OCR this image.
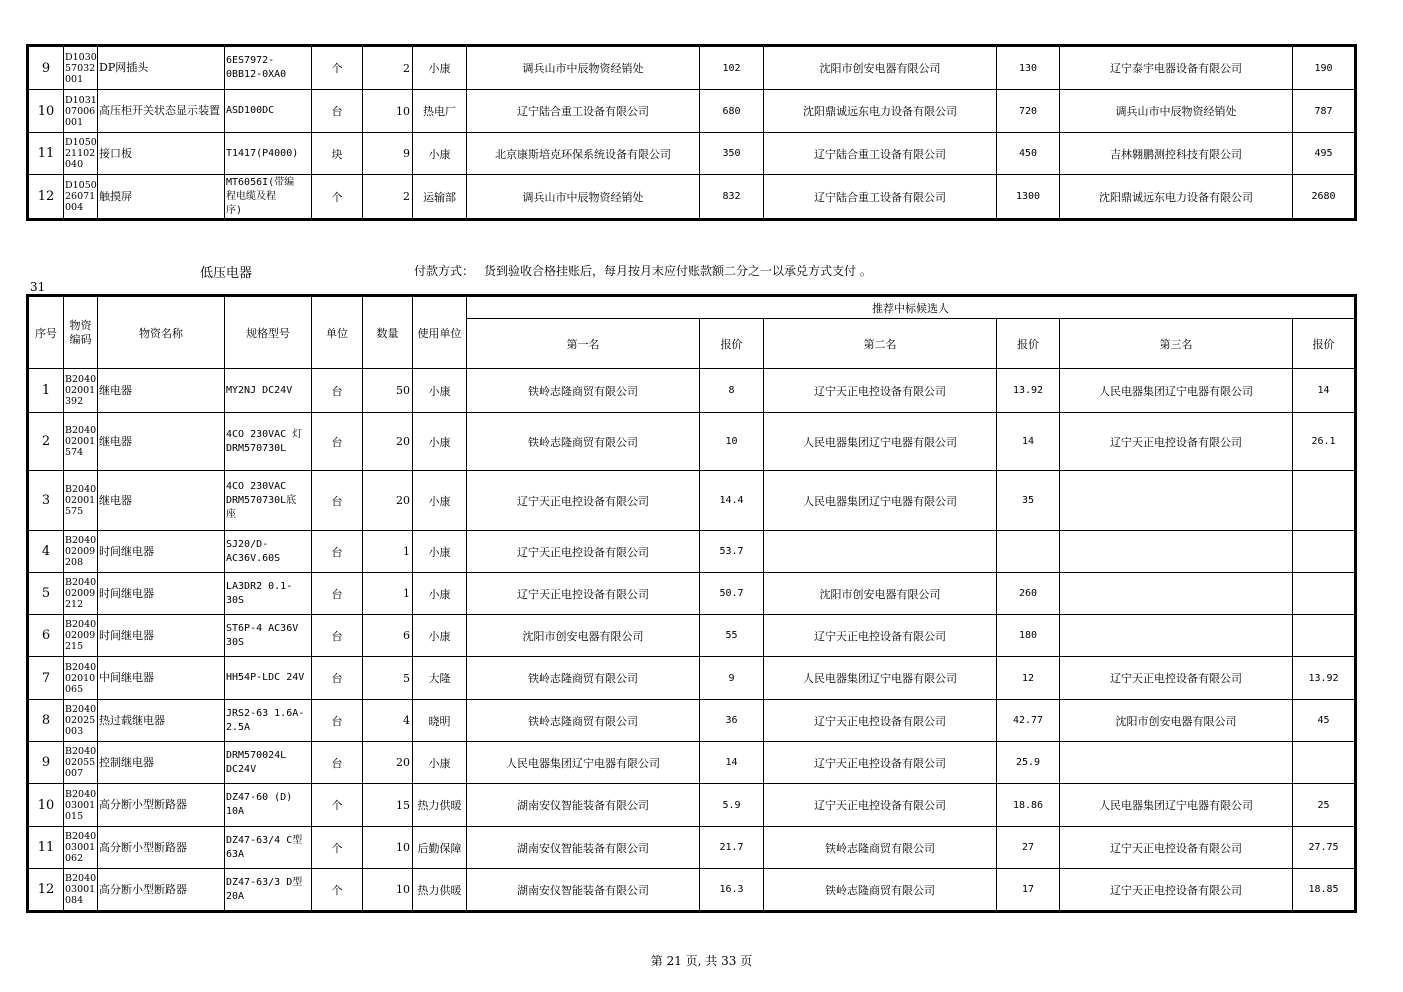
9	D1030
57032
001	DP网插头	6ES7972-
0BB12-0XA0	个	2	小康	调兵山市中辰物资经销处	102	沈阳市创安电器有限公司	130	辽宁泰宇电器设备有限公司	190
10	D1031
07006
001	高压柜开关状态显示装置	ASD100DC	台	10	热电厂	辽宁陆合重工设备有限公司	680	沈阳鼎诚远东电力设备有限公司	720	调兵山市中辰物资经销处	787
11	D1050
21102
040	接口板	T1417(P4000)	块	9	小康	北京康斯培克环保系统设备有限公司	350	辽宁陆合重工设备有限公司	450	吉林翱鹏测控科技有限公司	495
12	D1050
26071
004	触摸屏	MT6056I(带编
程电缆及程
序)	个	2	运输部	调兵山市中辰物资经销处	832	辽宁陆合重工设备有限公司	1300	沈阳鼎诚远东电力设备有限公司	2680
低压电器	付款方式： 货到验收合格挂账后，每月按月末应付账款额二分之一以承兑方式支付 。
31
序号	物资
编码	物资名称	规格型号	单位	数量	使用单位	推荐中标候选人					
							第一名	报价	第二名	报价	第三名	报价
1	B2040
02001
392	继电器	MY2NJ DC24V	台	50	小康	铁岭志隆商贸有限公司	8	辽宁天正电控设备有限公司	13.92	人民电器集团辽宁电器有限公司	14
2	B2040
02001
574	继电器	4CO 230VAC 灯
DRM570730L	台	20	小康	铁岭志隆商贸有限公司	10	人民电器集团辽宁电器有限公司	14	辽宁天正电控设备有限公司	26.1
3	B2040
02001
575	继电器	4CO 230VAC
DRM570730L底
座	台	20	小康	辽宁天正电控设备有限公司	14.4	人民电器集团辽宁电器有限公司	35		
4	B2040
02009
208	时间继电器	SJ20/D-
AC36V.60S	台	1	小康	辽宁天正电控设备有限公司	53.7				
5	B2040
02009
212	时间继电器	LA3DR2 0.1-
30S	台	1	小康	辽宁天正电控设备有限公司	50.7	沈阳市创安电器有限公司	260		
6	B2040
02009
215	时间继电器	ST6P-4 AC36V
30S	台	6	小康	沈阳市创安电器有限公司	55	辽宁天正电控设备有限公司	180		
7	B2040
02010
065	中间继电器	HH54P-LDC 24V	台	5	大隆	铁岭志隆商贸有限公司	9	人民电器集团辽宁电器有限公司	12	辽宁天正电控设备有限公司	13.92
8	B2040
02025
003	热过载继电器	JRS2-63 1.6A-
2.5A	台	4	晓明	铁岭志隆商贸有限公司	36	辽宁天正电控设备有限公司	42.77	沈阳市创安电器有限公司	45
9	B2040
02055
007	控制继电器	DRM570024L
DC24V	台	20	小康	人民电器集团辽宁电器有限公司	14	辽宁天正电控设备有限公司	25.9		
10	B2040
03001
015	高分断小型断路器	DZ47-60 (D)
10A	个	15	热力供暖	湖南安仪智能装备有限公司	5.9	辽宁天正电控设备有限公司	18.86	人民电器集团辽宁电器有限公司	25
11	B2040
03001
062	高分断小型断路器	DZ47-63/4 C型
63A	个	10	后勤保障	湖南安仪智能装备有限公司	21.7	铁岭志隆商贸有限公司	27	辽宁天正电控设备有限公司	27.75
12	B2040
03001
084	高分断小型断路器	DZ47-63/3 D型
20A	个	10	热力供暖	湖南安仪智能装备有限公司	16.3	铁岭志隆商贸有限公司	17	辽宁天正电控设备有限公司	18.85
第 21 页, 共 33 页
